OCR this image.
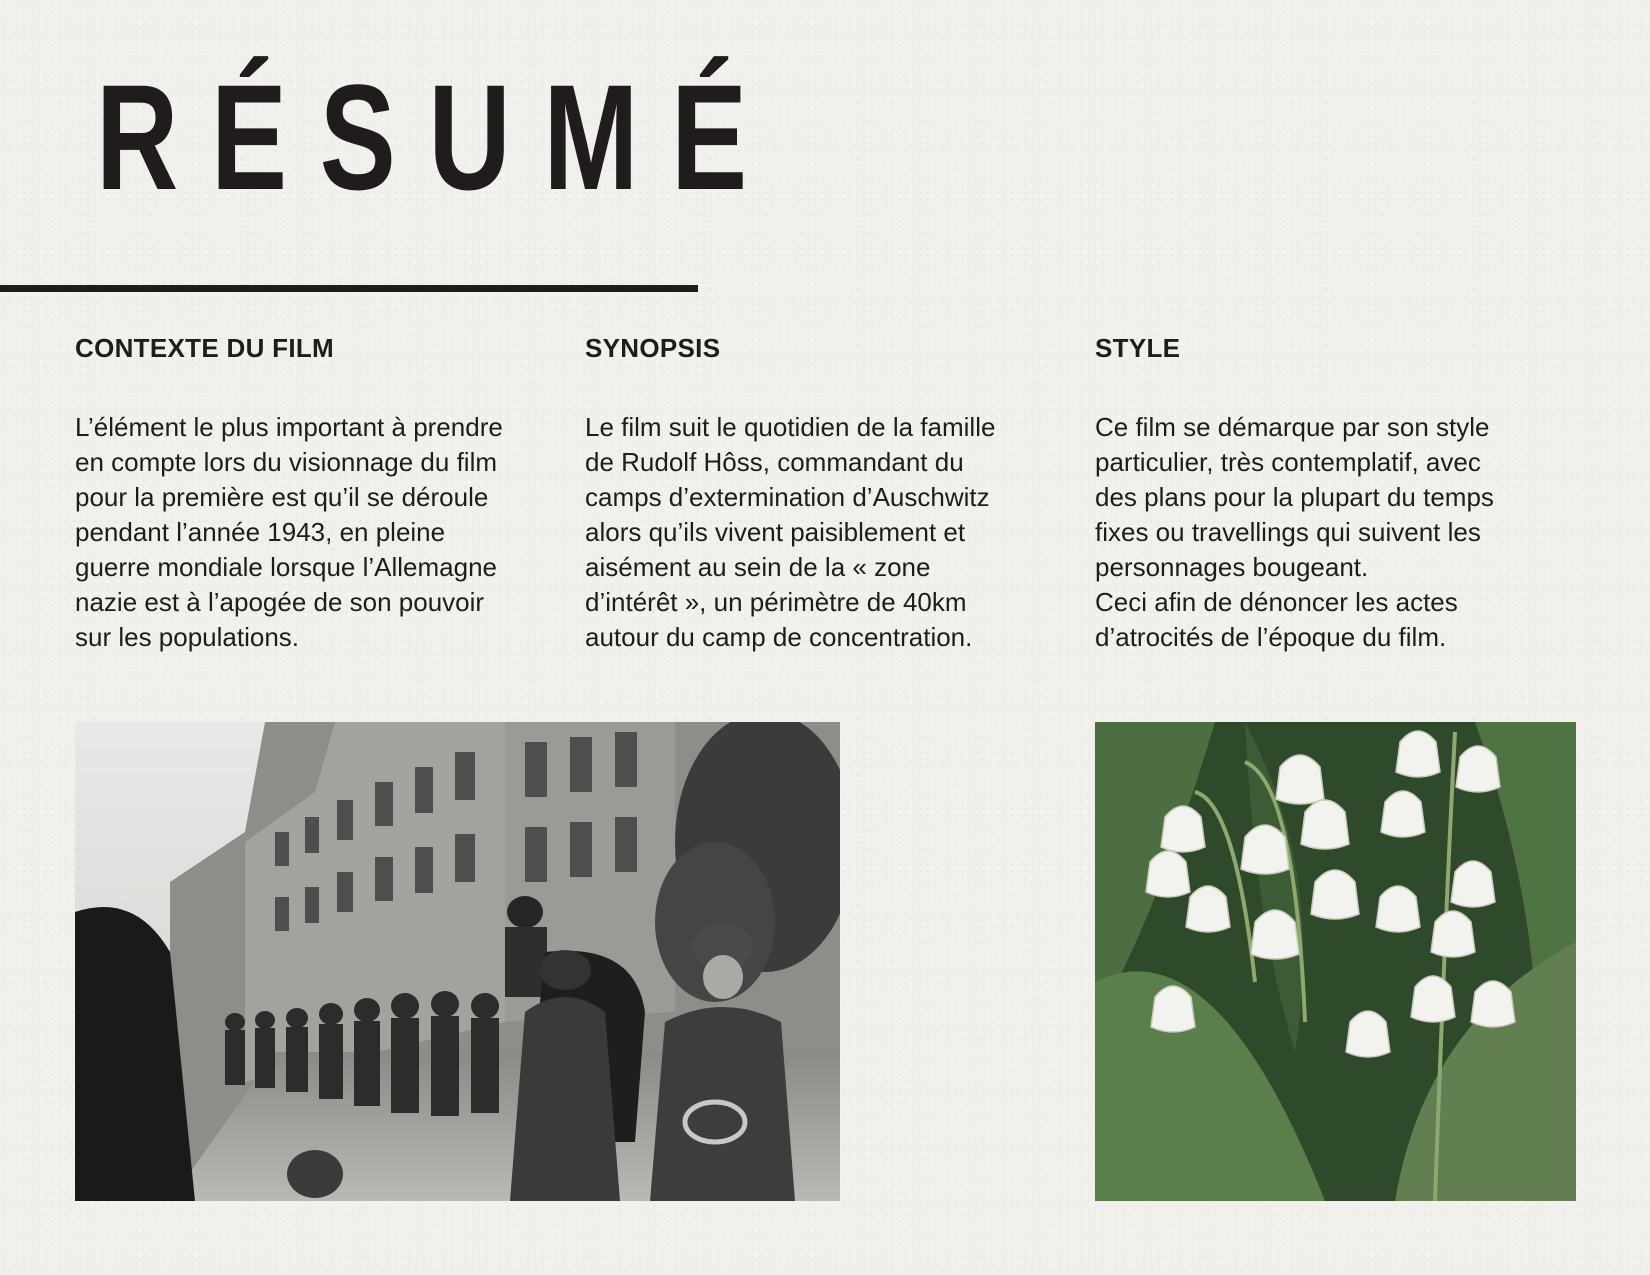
RÉSUMÉ
CONTEXTE DU FILM

L’élément le plus important à prendre
en compte lors du visionnage du film
pour la première est qu’il se déroule
pendant l’année 1943, en pleine
guerre mondiale lorsque l’Allemagne
nazie est à l’apogée de son pouvoir
sur les populations.

SYNOPSIS

Le film suit le quotidien de la famille
de Rudolf Hôss, commandant du
camps d’extermination d’Auschwitz
alors qu’ils vivent paisiblement et
aisément au sein de la « zone
d’intérêt », un périmètre de 40km
autour du camp de concentration.

STYLE

Ce film se démarque par son style
particulier, très contemplatif, avec
des plans pour la plupart du temps
fixes ou travellings qui suivent les
personnages bougeant.
Ceci afin de dénoncer les actes
d’atrocités de l’époque du film.
